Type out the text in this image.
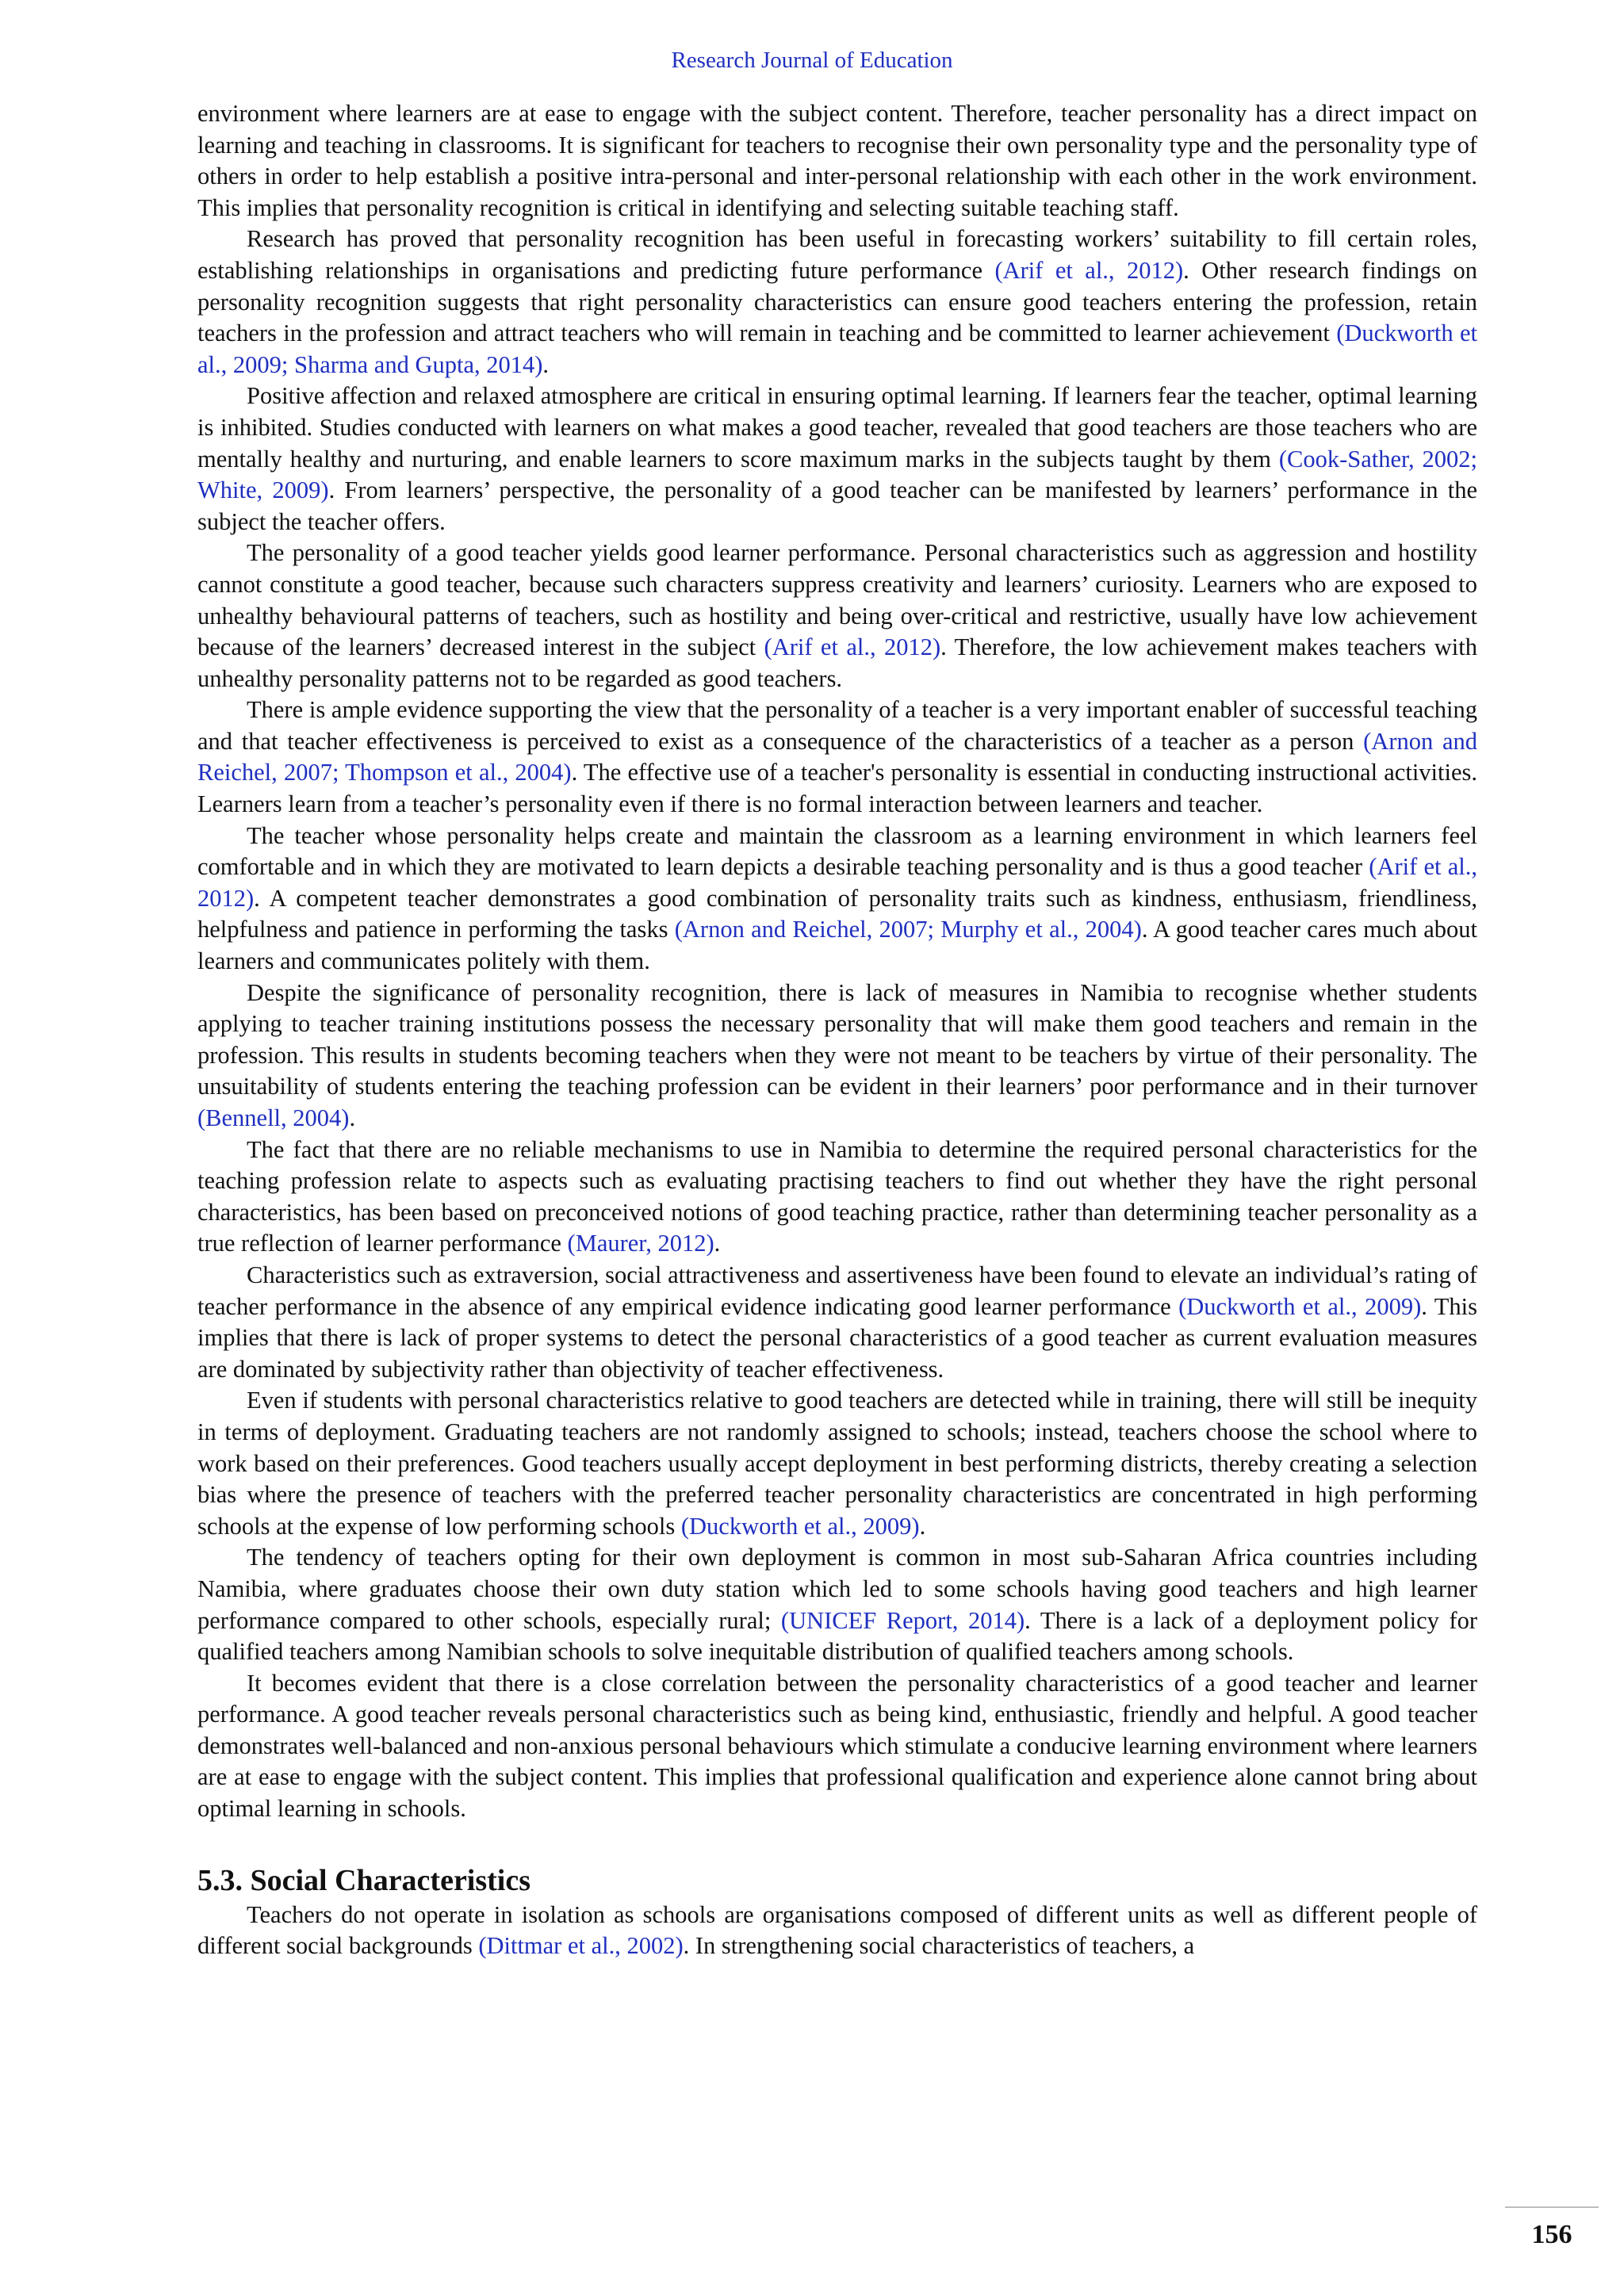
Research Journal of Education

environment where learners are at ease to engage with the subject content. Therefore, teacher personality has a direct impact on learning and teaching in classrooms. It is significant for teachers to recognise their own personality type and the personality type of others in order to help establish a positive intra-personal and inter-personal relationship with each other in the work environment. This implies that personality recognition is critical in identifying and selecting suitable teaching staff.

Research has proved that personality recognition has been useful in forecasting workers’ suitability to fill certain roles, establishing relationships in organisations and predicting future performance (Arif et al., 2012). Other research findings on personality recognition suggests that right personality characteristics can ensure good teachers entering the profession, retain teachers in the profession and attract teachers who will remain in teaching and be committed to learner achievement (Duckworth et al., 2009; Sharma and Gupta, 2014).

Positive affection and relaxed atmosphere are critical in ensuring optimal learning. If learners fear the teacher, optimal learning is inhibited. Studies conducted with learners on what makes a good teacher, revealed that good teachers are those teachers who are mentally healthy and nurturing, and enable learners to score maximum marks in the subjects taught by them (Cook-Sather, 2002; White, 2009). From learners’ perspective, the personality of a good teacher can be manifested by learners’ performance in the subject the teacher offers.

The personality of a good teacher yields good learner performance. Personal characteristics such as aggression and hostility cannot constitute a good teacher, because such characters suppress creativity and learners’ curiosity. Learners who are exposed to unhealthy behavioural patterns of teachers, such as hostility and being over-critical and restrictive, usually have low achievement because of the learners’ decreased interest in the subject (Arif et al., 2012). Therefore, the low achievement makes teachers with unhealthy personality patterns not to be regarded as good teachers.

There is ample evidence supporting the view that the personality of a teacher is a very important enabler of successful teaching and that teacher effectiveness is perceived to exist as a consequence of the characteristics of a teacher as a person (Arnon and Reichel, 2007; Thompson et al., 2004). The effective use of a teacher's personality is essential in conducting instructional activities. Learners learn from a teacher’s personality even if there is no formal interaction between learners and teacher.

The teacher whose personality helps create and maintain the classroom as a learning environment in which learners feel comfortable and in which they are motivated to learn depicts a desirable teaching personality and is thus a good teacher (Arif et al., 2012). A competent teacher demonstrates a good combination of personality traits such as kindness, enthusiasm, friendliness, helpfulness and patience in performing the tasks (Arnon and Reichel, 2007; Murphy et al., 2004). A good teacher cares much about learners and communicates politely with them.

Despite the significance of personality recognition, there is lack of measures in Namibia to recognise whether students applying to teacher training institutions possess the necessary personality that will make them good teachers and remain in the profession. This results in students becoming teachers when they were not meant to be teachers by virtue of their personality. The unsuitability of students entering the teaching profession can be evident in their learners’ poor performance and in their turnover (Bennell, 2004).

The fact that there are no reliable mechanisms to use in Namibia to determine the required personal characteristics for the teaching profession relate to aspects such as evaluating practising teachers to find out whether they have the right personal characteristics, has been based on preconceived notions of good teaching practice, rather than determining teacher personality as a true reflection of learner performance (Maurer, 2012).

Characteristics such as extraversion, social attractiveness and assertiveness have been found to elevate an individual’s rating of teacher performance in the absence of any empirical evidence indicating good learner performance (Duckworth et al., 2009). This implies that there is lack of proper systems to detect the personal characteristics of a good teacher as current evaluation measures are dominated by subjectivity rather than objectivity of teacher effectiveness.

Even if students with personal characteristics relative to good teachers are detected while in training, there will still be inequity in terms of deployment. Graduating teachers are not randomly assigned to schools; instead, teachers choose the school where to work based on their preferences. Good teachers usually accept deployment in best performing districts, thereby creating a selection bias where the presence of teachers with the preferred teacher personality characteristics are concentrated in high performing schools at the expense of low performing schools (Duckworth et al., 2009).

The tendency of teachers opting for their own deployment is common in most sub-Saharan Africa countries including Namibia, where graduates choose their own duty station which led to some schools having good teachers and high learner performance compared to other schools, especially rural; (UNICEF Report, 2014). There is a lack of a deployment policy for qualified teachers among Namibian schools to solve inequitable distribution of qualified teachers among schools.

It becomes evident that there is a close correlation between the personality characteristics of a good teacher and learner performance. A good teacher reveals personal characteristics such as being kind, enthusiastic, friendly and helpful. A good teacher demonstrates well-balanced and non-anxious personal behaviours which stimulate a conducive learning environment where learners are at ease to engage with the subject content. This implies that professional qualification and experience alone cannot bring about optimal learning in schools.

5.3. Social Characteristics

Teachers do not operate in isolation as schools are organisations composed of different units as well as different people of different social backgrounds (Dittmar et al., 2002). In strengthening social characteristics of teachers, a

156
